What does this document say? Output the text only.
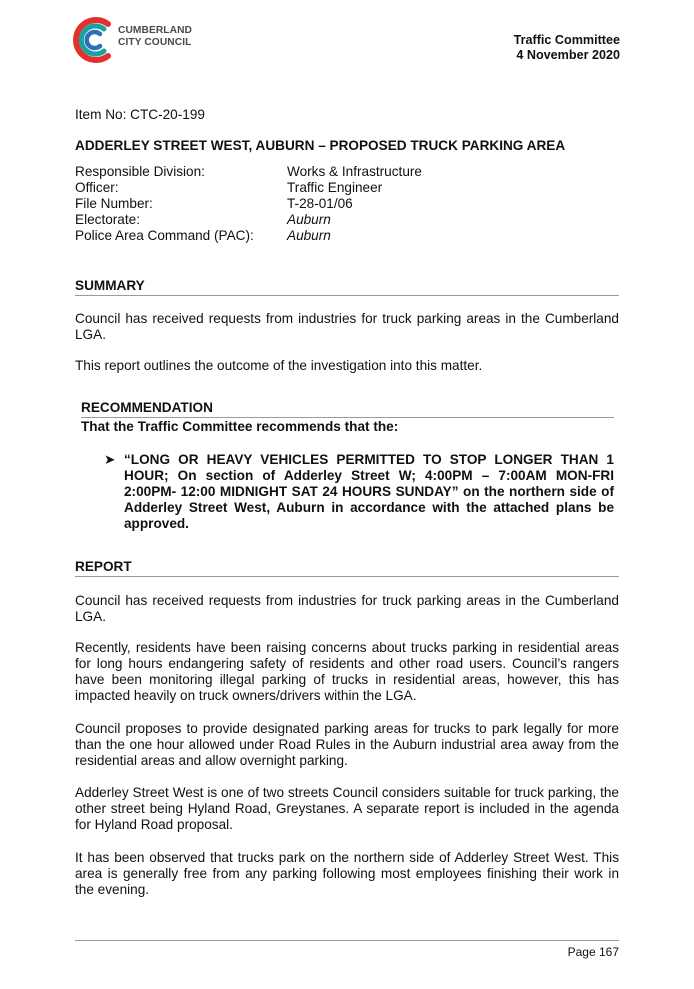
CUMBERLAND
CITY COUNCIL	Traffic Committee
4 November 2020
Item No: CTC-20-199
ADDERLEY STREET WEST, AUBURN – PROPOSED TRUCK PARKING AREA
Responsible Division:	Works & Infrastructure
Officer:	Traffic Engineer
File Number:	T-28-01/06
Electorate:	Auburn
Police Area Command (PAC):	Auburn
SUMMARY

Council has received requests from industries for truck parking areas in the Cumberland LGA.

This report outlines the outcome of the investigation into this matter.

RECOMMENDATION
That the Traffic Committee recommends that the:
➤ “LONG OR HEAVY VEHICLES PERMITTED TO STOP LONGER THAN 1 HOUR; On section of Adderley Street W; 4:00PM – 7:00AM MON-FRI 2:00PM- 12:00 MIDNIGHT SAT 24 HOURS SUNDAY” on the northern side of Adderley Street West, Auburn in accordance with the attached plans be approved.
REPORT

Council has received requests from industries for truck parking areas in the Cumberland LGA.

Recently, residents have been raising concerns about trucks parking in residential areas for long hours endangering safety of residents and other road users. Council’s rangers have been monitoring illegal parking of trucks in residential areas, however, this has impacted heavily on truck owners/drivers within the LGA.

Council proposes to provide designated parking areas for trucks to park legally for more than the one hour allowed under Road Rules in the Auburn industrial area away from the residential areas and allow overnight parking.

Adderley Street West is one of two streets Council considers suitable for truck parking, the other street being Hyland Road, Greystanes. A separate report is included in the agenda for Hyland Road proposal.

It has been observed that trucks park on the northern side of Adderley Street West. This area is generally free from any parking following most employees finishing their work in the evening.

Page 167
